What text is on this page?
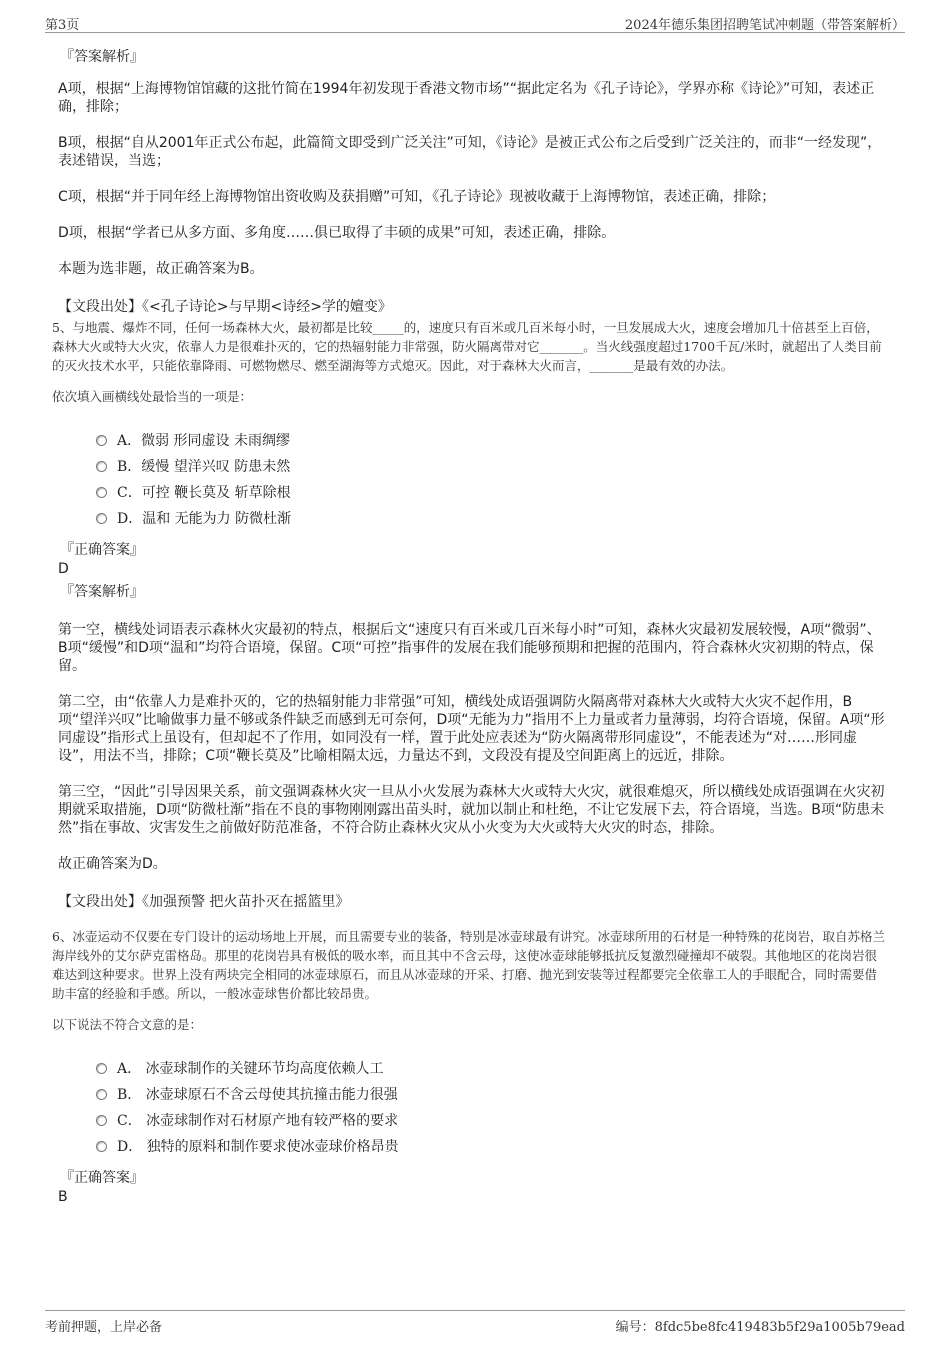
第3页	2024年德乐集团招聘笔试冲刺题（带答案解析）
『答案解析』

A项，根据“上海博物馆馆藏的这批竹简在1994年初发现于香港文物市场”“据此定名为《孔子诗论》，学界亦称《诗论》”可知，表述正确，排除；

B项，根据“自从2001年正式公布起，此篇简文即受到广泛关注”可知，《诗论》是被正式公布之后受到广泛关注的，而非“一经发现”，表述错误，当选；

C项，根据“并于同年经上海博物馆出资收购及获捐赠”可知，《孔子诗论》现被收藏于上海博物馆，表述正确，排除；

D项，根据“学者已从多方面、多角度……俱已取得了丰硕的成果”可知，表述正确，排除。

本题为选非题，故正确答案为B。

【文段出处】《<孔子诗论>与早期<诗经>学的嬗变》

5、与地震、爆炸不同，任何一场森林大火，最初都是比较_____的，速度只有百米或几百米每小时，一旦发展成大火，速度会增加几十倍甚至上百倍，森林大火或特大火灾，依靠人力是很难扑灭的，它的热辐射能力非常强，防火隔离带对它_______。当火线强度超过1700千瓦/米时，就超出了人类目前的灭火技术水平，只能依靠降雨、可燃物燃尽、燃至湖海等方式熄灭。因此，对于森林大火而言，_______是最有效的办法。

依次填入画横线处最恰当的一项是：

A．微弱 形同虚设 未雨绸缪
B．缓慢 望洋兴叹 防患未然
C．可控 鞭长莫及 斩草除根
D．温和 无能为力 防微杜渐
『正确答案』
D
『答案解析』

第一空，横线处词语表示森林火灾最初的特点，根据后文“速度只有百米或几百米每小时”可知，森林火灾最初发展较慢，A项“微弱”、B项“缓慢”和D项“温和”均符合语境，保留。C项“可控”指事件的发展在我们能够预期和把握的范围内，符合森林火灾初期的特点，保留。

第二空，由“依靠人力是难扑灭的，它的热辐射能力非常强”可知，横线处成语强调防火隔离带对森林大火或特大火灾不起作用，B项“望洋兴叹”比喻做事力量不够或条件缺乏而感到无可奈何，D项“无能为力”指用不上力量或者力量薄弱，均符合语境，保留。A项“形同虚设”指形式上虽设有，但却起不了作用，如同没有一样，置于此处应表述为“防火隔离带形同虚设”，不能表述为“对……形同虚设”，用法不当，排除；C项“鞭长莫及”比喻相隔太远，力量达不到，文段没有提及空间距离上的远近，排除。

第三空，“因此”引导因果关系，前文强调森林火灾一旦从小火发展为森林大火或特大火灾，就很难熄灭，所以横线处成语强调在火灾初期就采取措施，D项“防微杜渐”指在不良的事物刚刚露出苗头时，就加以制止和杜绝，不让它发展下去，符合语境，当选。B项“防患未然”指在事故、灾害发生之前做好防范准备，不符合防止森林火灾从小火变为大火或特大火灾的时态，排除。

故正确答案为D。

【文段出处】《加强预警 把火苗扑灭在摇篮里》

6、冰壶运动不仅要在专门设计的运动场地上开展，而且需要专业的装备，特别是冰壶球最有讲究。冰壶球所用的石材是一种特殊的花岗岩，取自苏格兰海岸线外的艾尔萨克雷格岛。那里的花岗岩具有极低的吸水率，而且其中不含云母，这使冰壶球能够抵抗反复激烈碰撞却不破裂。其他地区的花岗岩很难达到这种要求。世界上没有两块完全相同的冰壶球原石，而且从冰壶球的开采、打磨、抛光到安装等过程都要完全依靠工人的手眼配合，同时需要借助丰富的经验和手感。所以，一般冰壶球售价都比较昂贵。

以下说法不符合文意的是：

A． 冰壶球制作的关键环节均高度依赖人工
B． 冰壶球原石不含云母使其抗撞击能力很强
C． 冰壶球制作对石材原产地有较严格的要求
D． 独特的原料和制作要求使冰壶球价格昂贵
『正确答案』
B
考前押题，上岸必备	编号：8fdc5be8fc419483b5f29a1005b79ead
